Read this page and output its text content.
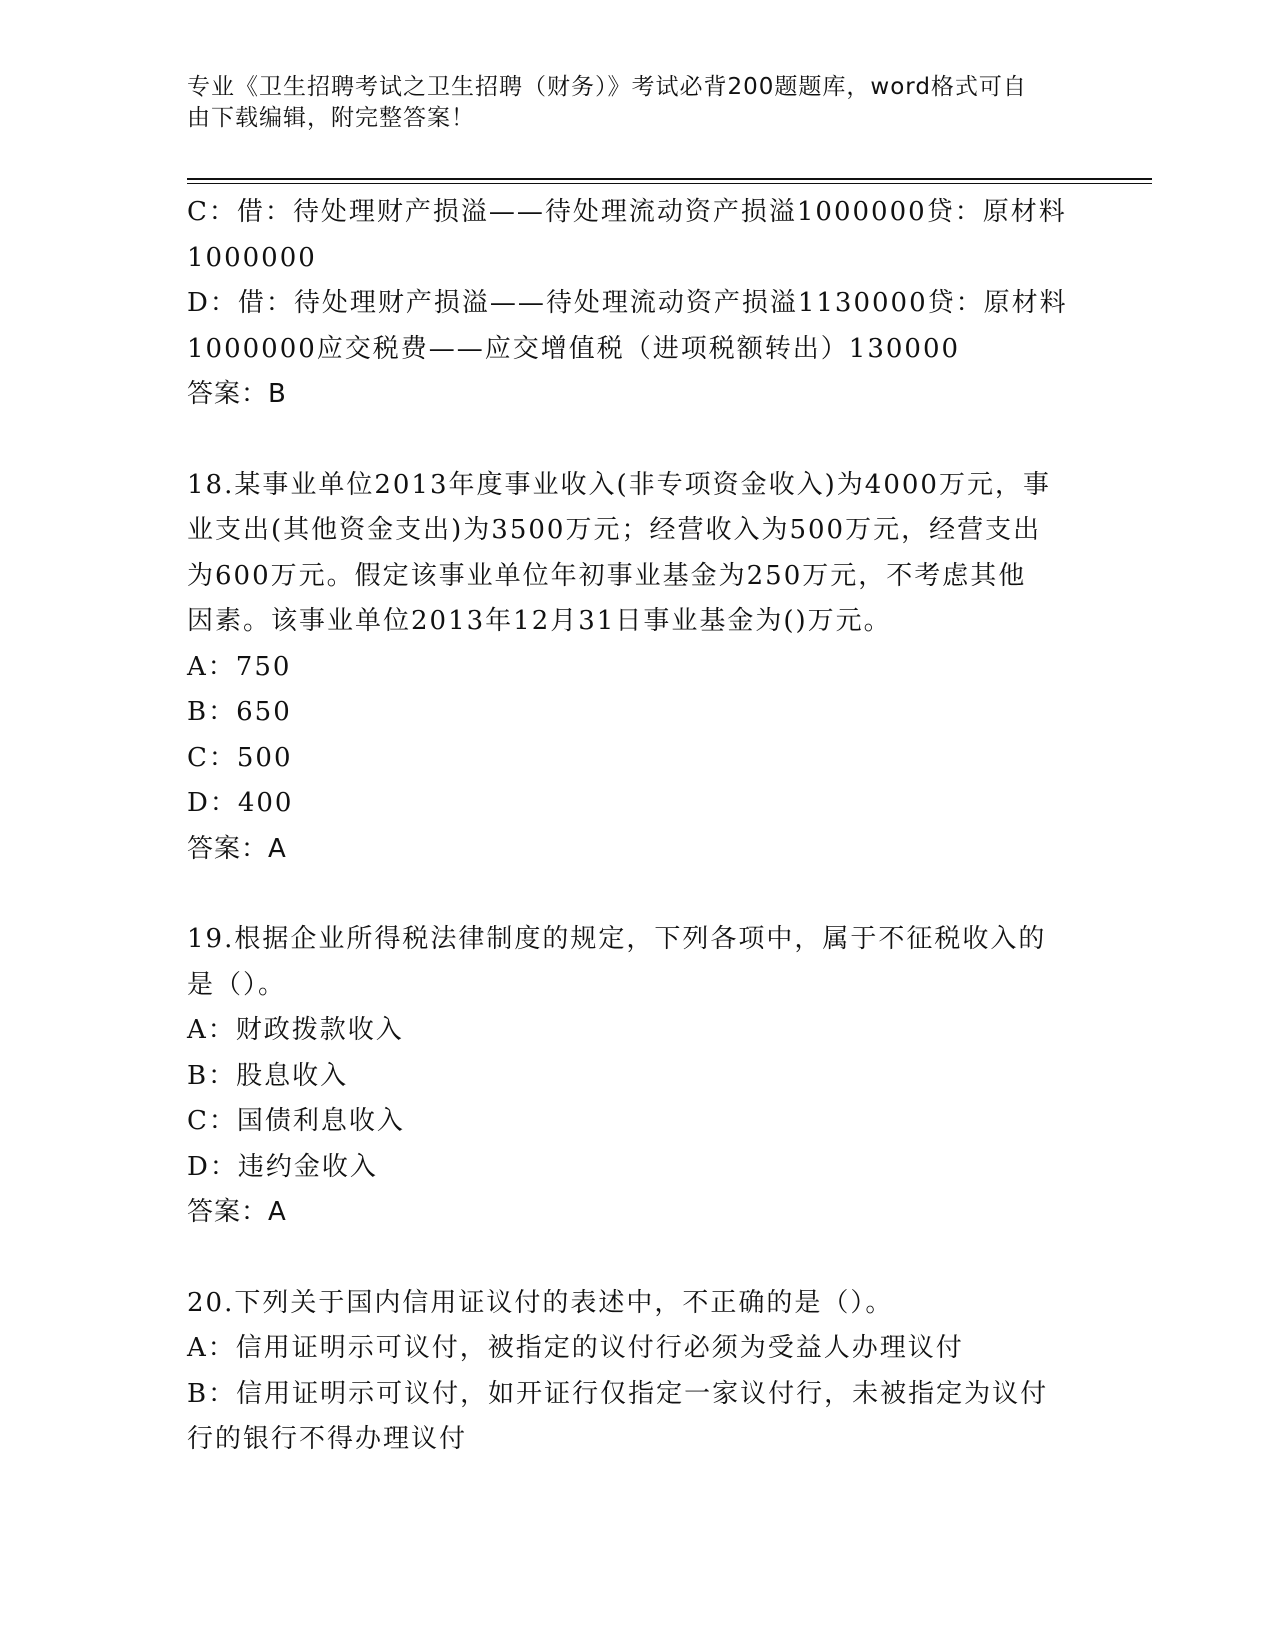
专业《卫生招聘考试之卫生招聘（财务）》考试必背200题题库，word格式可自
由下载编辑，附完整答案！
C：借：待处理财产损溢——待处理流动资产损溢1000000贷：原材料
1000000
D：借：待处理财产损溢——待处理流动资产损溢1130000贷：原材料
1000000应交税费——应交增值税（进项税额转出）130000
答案：B
18.某事业单位2013年度事业收入(非专项资金收入)为4000万元，事
业支出(其他资金支出)为3500万元；经营收入为500万元，经营支出
为600万元。假定该事业单位年初事业基金为250万元，不考虑其他
因素。该事业单位2013年12月31日事业基金为()万元。
A：750
B：650
C：500
D：400
答案：A
19.根据企业所得税法律制度的规定，下列各项中，属于不征税收入的
是（）。
A：财政拨款收入
B：股息收入
C：国债利息收入
D：违约金收入
答案：A
20.下列关于国内信用证议付的表述中，不正确的是（）。
A：信用证明示可议付，被指定的议付行必须为受益人办理议付
B：信用证明示可议付，如开证行仅指定一家议付行，未被指定为议付
行的银行不得办理议付
